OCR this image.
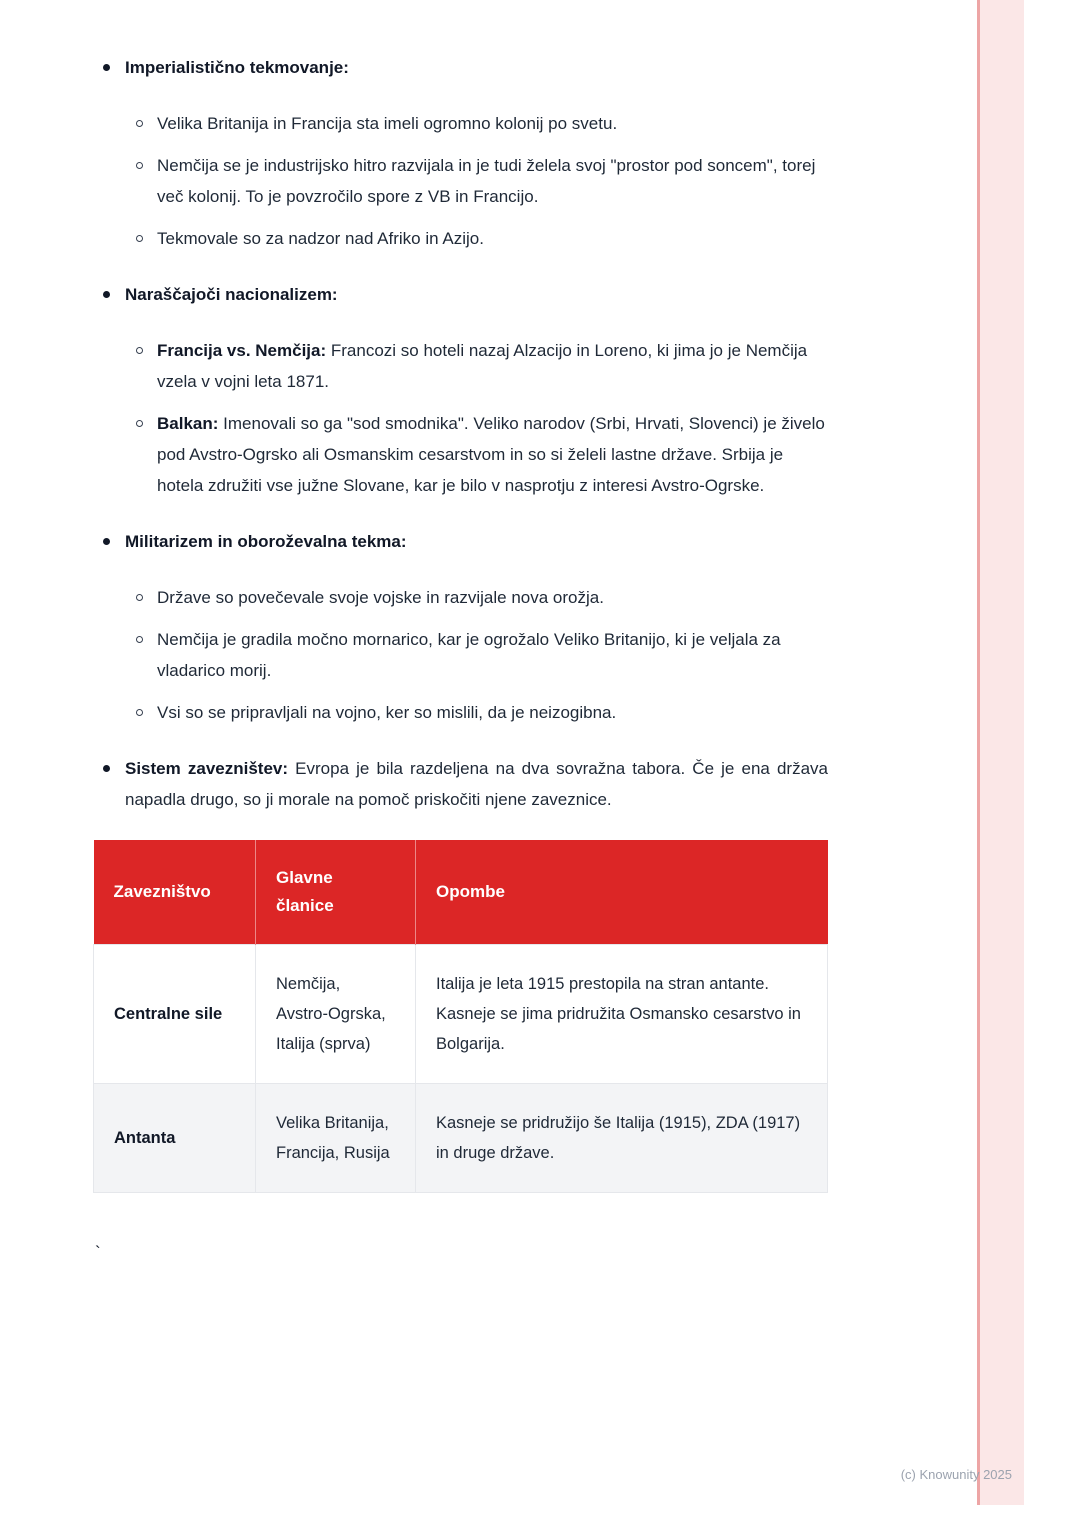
Imperialistično tekmovanje:
Velika Britanija in Francija sta imeli ogromno kolonij po svetu.
Nemčija se je industrijsko hitro razvijala in je tudi želela svoj "prostor pod soncem", torej več kolonij. To je povzročilo spore z VB in Francijo.
Tekmovale so za nadzor nad Afriko in Azijo.
Naraščajoči nacionalizem:
Francija vs. Nemčija: Francozi so hoteli nazaj Alzacijo in Loreno, ki jima jo je Nemčija vzela v vojni leta 1871.
Balkan: Imenovali so ga "sod smodnika". Veliko narodov (Srbi, Hrvati, Slovenci) je živelo pod Avstro-Ogrsko ali Osmanskim cesarstvom in so si želeli lastne države. Srbija je hotela združiti vse južne Slovane, kar je bilo v nasprotju z interesi Avstro-Ogrske.
Militarizem in oboroževalna tekma:
Države so povečevale svoje vojske in razvijale nova orožja.
Nemčija je gradila močno mornarico, kar je ogrožalo Veliko Britanijo, ki je veljala za vladarico morij.
Vsi so se pripravljali na vojno, ker so mislili, da je neizogibna.
Sistem zavezništev: Evropa je bila razdeljena na dva sovražna tabora. Če je ena država napadla drugo, so ji morale na pomoč priskočiti njene zaveznice.
Zavezništvo	Glavne članice	Opombe
Centralne sile	Nemčija, Avstro-Ogrska, Italija (sprva)	Italija je leta 1915 prestopila na stran antante. Kasneje se jima pridružita Osmansko cesarstvo in Bolgarija.
Antanta	Velika Britanija, Francija, Rusija	Kasneje se pridružijo še Italija (1915), ZDA (1917) in druge države.
`
(c) Knowunity 2025
